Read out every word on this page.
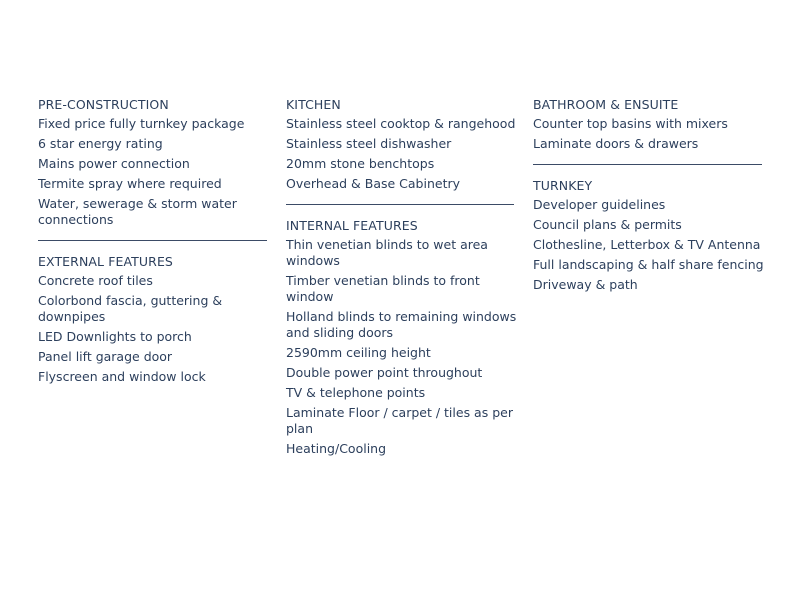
PRE-CONSTRUCTION
Fixed price fully turnkey package
6 star energy rating
Mains power connection
Termite spray where required
Water, sewerage & storm water connections
EXTERNAL FEATURES
Concrete roof tiles
Colorbond fascia, guttering & downpipes
LED Downlights to porch
Panel lift garage door
Flyscreen and window lock
KITCHEN
Stainless steel cooktop & rangehood
Stainless steel dishwasher
20mm stone benchtops
Overhead & Base Cabinetry
INTERNAL FEATURES
Thin venetian blinds to wet area windows
Timber venetian blinds to front window
Holland blinds to remaining windows and sliding doors
2590mm ceiling height
Double power point throughout
TV & telephone points
Laminate Floor / carpet / tiles as per plan
Heating/Cooling
BATHROOM & ENSUITE
Counter top basins with mixers
Laminate doors & drawers
TURNKEY
Developer guidelines
Council plans & permits
Clothesline, Letterbox & TV Antenna
Full landscaping & half share fencing
Driveway & path
